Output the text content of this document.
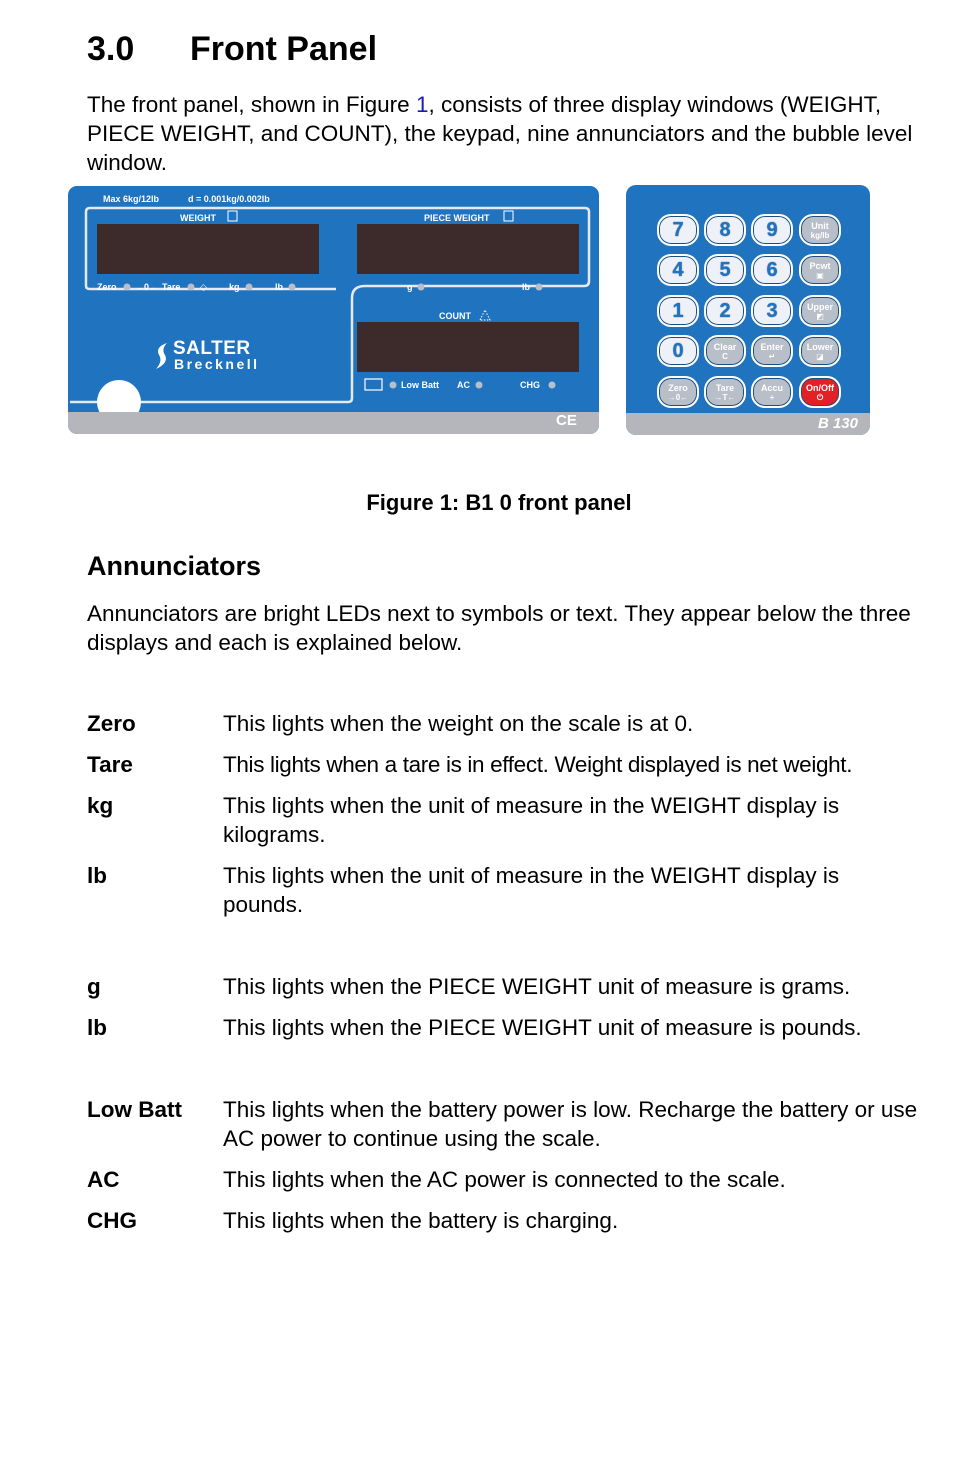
3.0 Front Panel

The front panel, shown in Figure 1, consists of three display windows (WEIGHT, PIECE WEIGHT, and COUNT), the keypad, nine annunciators and the bubble level window.

Max 6kg/12lb	d = 0.001kg/0.002lb
WEIGHT	PIECE WEIGHT
Zero →0← Tare ◇ kg	lb	g	lb
COUNT
Low Batt AC	CHG
SALTER
Brecknell
CE
7 8 9	Unit
kg/lb
4 5 6	Pcwt
▣
1 2 3	Upper
◩
0	Clear
C
Enter
↵
Lower
◪
Zero
→0←
Tare
→T←
Accu
+
On/Off
⏻
B 130

Figure 1: B1 0 front panel

Annunciators

Annunciators are bright LEDs next to symbols or text. They appear below the three displays and each is explained below.

Zero	This lights when the weight on the scale is at 0.
Tare	This lights when a tare is in effect. Weight displayed is net weight.
kg	This lights when the unit of measure in the WEIGHT display is kilograms.
lb	This lights when the unit of measure in the WEIGHT display is pounds.
g	This lights when the PIECE WEIGHT unit of measure is grams.
lb	This lights when the PIECE WEIGHT unit of measure is pounds.
Low Batt This lights when the battery power is low. Recharge the battery or use AC power to continue using the scale.
AC	This lights when the AC power is connected to the scale.
CHG	This lights when the battery is charging.
